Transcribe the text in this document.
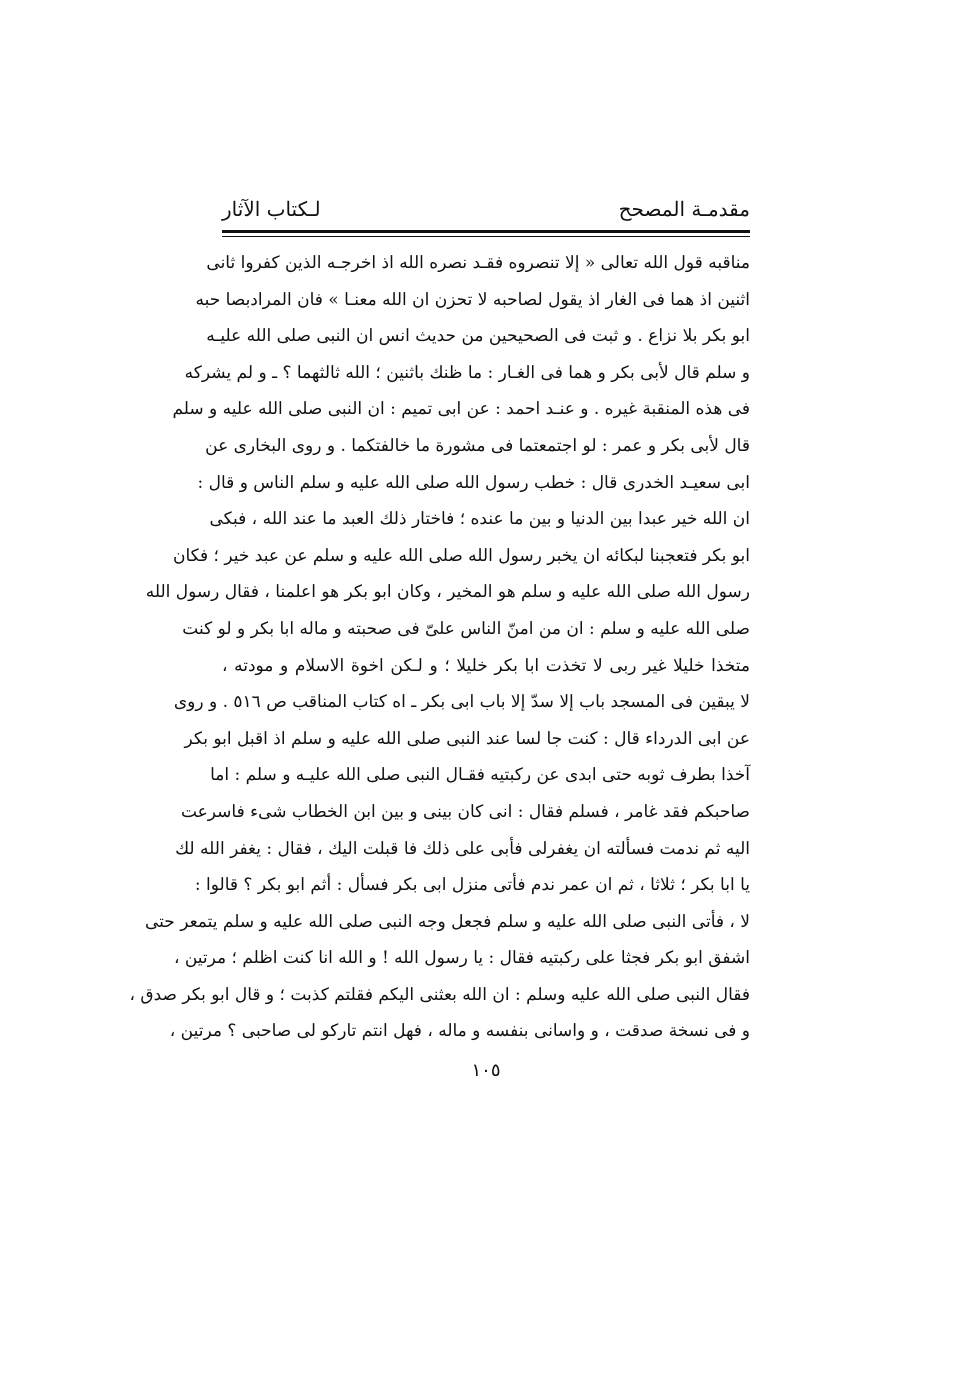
مقدمـة المصحح
لـكتاب الآثار
مناقبه قول الله تعالى « إلا تنصروه فقـد نصره الله اذ اخرجـه الذين كفروا ثانى
اثنين اذ هما فى الغار اذ يقول لصاحبه لا تحزن ان الله معنـا » فان المرادبصا حبه
ابو بكر بلا نزاع . و ثبت فى الصحيحين من حديث انس ان النبى صلى الله عليـه
و سلم قال لأبى بكر و هما فى الغـار : ما ظنك باثنين ؛ الله ثالثهما ؟ ـ و لم يشركه
فى هذه المنقبة غيره . و عنـد احمد : عن ابى تميم : ان النبى صلى الله عليه و سلم
قال لأبى بكر و عمر : لو اجتمعتما فى مشورة ما خالفتكما . و روى البخارى عن
ابى سعيـد الخدرى قال : خطب رسول الله صلى الله عليه و سلم الناس و قال :
ان الله خير عبدا بين الدنيا و بين ما عنده ؛ فاختار ذلك العبد ما عند الله ، فبكى
ابو بكر فتعجبنا لبكائه ان يخبر رسول الله صلى الله عليه و سلم عن عبد خير ؛ فكان
رسول الله صلى الله عليه و سلم هو المخير ، وكان ابو بكر هو اعلمنا ، فقال رسول الله
صلى الله عليه و سلم : ان من امنّ الناس علىّ فى صحبته و ماله ابا بكر و لو كنت
متخذا خليلا غير ربى لا تخذت ابا بكر خليلا ؛ و لـكن اخوة الاسلام و مودته ،
لا يبقين فى المسجد باب إلا سدّ إلا باب ابى بكر ـ اه كتاب المناقب ص ٥١٦ . و روى
عن ابى الدرداء قال : كنت جا لسا عند النبى صلى الله عليه و سلم اذ اقبل ابو بكر
آخذا بطرف ثوبه حتى ابدى عن ركبتيه فقـال النبى صلى الله عليـه و سلم : اما
صاحبكم فقد غامر ، فسلم فقال : انى كان بينى و بين ابن الخطاب شىء فاسرعت
اليه ثم ندمت فسألته ان يغفرلى فأبى على ذلك فا قبلت اليك ، فقال : يغفر الله لك
يا ابا بكر ؛ ثلاثا ، ثم ان عمر ندم فأتى منزل ابى بكر فسأل : أثم ابو بكر ؟ قالوا :
لا ، فأتى النبى صلى الله عليه و سلم فجعل وجه النبى صلى الله عليه و سلم يتمعر حتى
اشفق ابو بكر فجثا على ركبتيه فقال : يا رسول الله ! و الله انا كنت اظلم ؛ مرتين ،
فقال النبى صلى الله عليه وسلم : ان الله بعثنى اليكم فقلتم كذبت ؛ و قال ابو بكر صدق ،
و فى نسخة صدقت ، و واسانى بنفسه و ماله ، فهل انتم تاركو لى صاحبى ؟ مرتين ،
١٠٥
